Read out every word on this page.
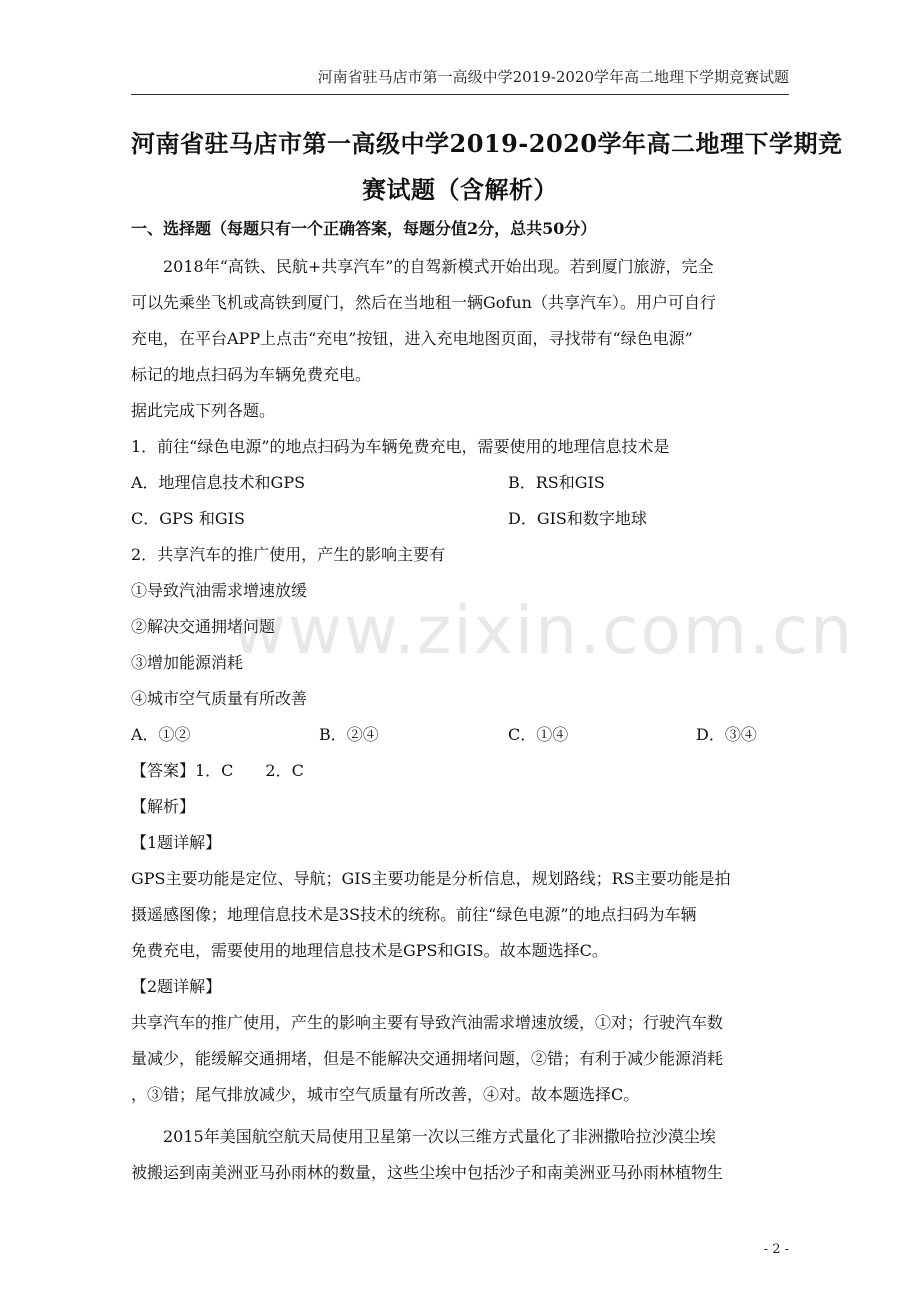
河南省驻马店市第一高级中学2019-2020学年高二地理下学期竞赛试题
河南省驻马店市第一高级中学2019-2020学年高二地理下学期竞
赛试题（含解析）
一、选择题（每题只有一个正确答案，每题分值2分，总共50分）
2018年“高铁、民航+共享汽车”的自驾新模式开始出现。若到厦门旅游，完全
可以先乘坐飞机或高铁到厦门，然后在当地租一辆Gofun（共享汽车）。用户可自行
充电，在平台APP上点击“充电”按钮，进入充电地图页面，寻找带有“绿色电源”
标记的地点扫码为车辆免费充电。
据此完成下列各题。
1．前往“绿色电源”的地点扫码为车辆免费充电，需要使用的地理信息技术是
A．地理信息技术和GPS	B．RS和GIS
C．GPS 和GIS	D．GIS和数字地球
2．共享汽车的推广使用，产生的影响主要有
①导致汽油需求增速放缓
②解决交通拥堵问题
③增加能源消耗
④城市空气质量有所改善
A．①②	B．②④	C．①④	D．③④
【答案】1．C　　2．C
【解析】
【1题详解】
GPS主要功能是定位、导航；GIS主要功能是分析信息，规划路线；RS主要功能是拍
摄遥感图像；地理信息技术是3S技术的统称。前往“绿色电源”的地点扫码为车辆
免费充电，需要使用的地理信息技术是GPS和GIS。故本题选择C。
【2题详解】
共享汽车的推广使用，产生的影响主要有导致汽油需求增速放缓，①对；行驶汽车数
量减少，能缓解交通拥堵，但是不能解决交通拥堵问题，②错；有利于减少能源消耗
，③错；尾气排放减少，城市空气质量有所改善，④对。故本题选择C。
2015年美国航空航天局使用卫星第一次以三维方式量化了非洲撒哈拉沙漠尘埃
被搬运到南美洲亚马孙雨林的数量，这些尘埃中包括沙子和南美洲亚马孙雨林植物生
www.zixin.com.cn
- 2 -
